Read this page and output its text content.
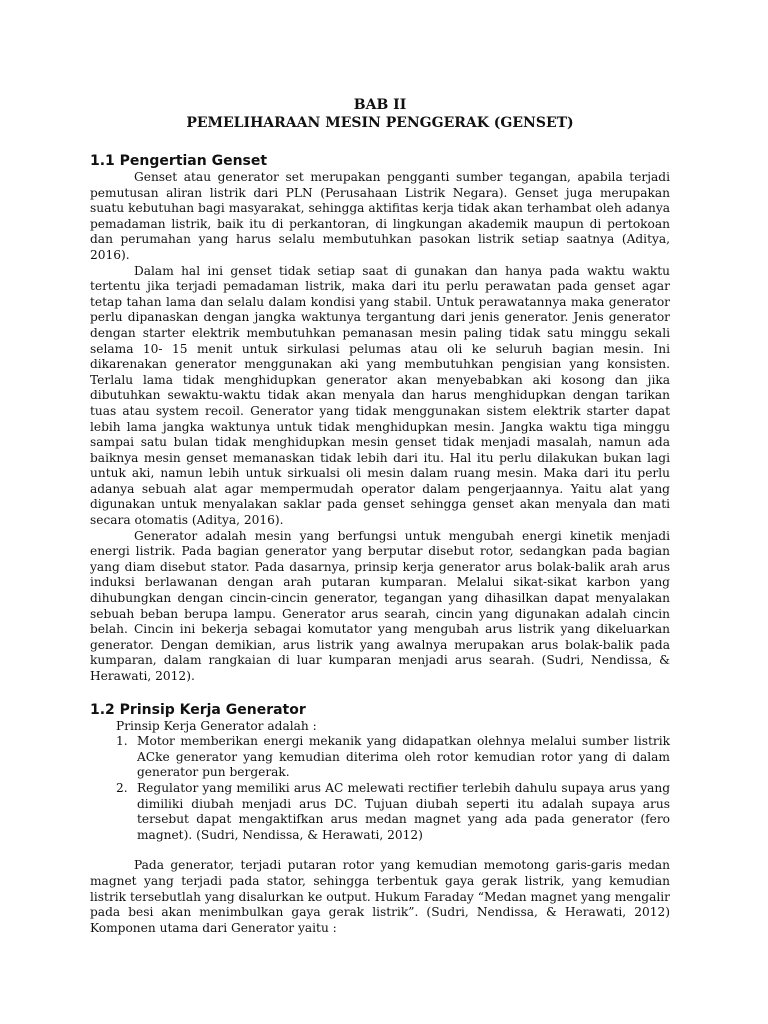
BAB II

PEMELIHARAAN MESIN PENGGERAK (GENSET)

1.1 Pengertian Genset

Genset atau generator set merupakan pengganti sumber tegangan, apabila terjadi pemutusan aliran listrik dari PLN (Perusahaan Listrik Negara). Genset juga merupakan suatu kebutuhan bagi masyarakat, sehingga aktifitas kerja tidak akan terhambat oleh adanya pemadaman listrik, baik itu di perkantoran, di lingkungan akademik maupun di pertokoan dan perumahan yang harus selalu membutuhkan pasokan listrik setiap saatnya (Aditya, 2016).

Dalam hal ini genset tidak setiap saat di gunakan dan hanya pada waktu waktu tertentu jika terjadi pemadaman listrik, maka dari itu perlu perawatan pada genset agar tetap tahan lama dan selalu dalam kondisi yang stabil. Untuk perawatannya maka generator perlu dipanaskan dengan jangka waktunya tergantung dari jenis generator. Jenis generator dengan starter elektrik membutuhkan pemanasan mesin paling tidak satu minggu sekali selama 10- 15 menit untuk sirkulasi pelumas atau oli ke seluruh bagian mesin. Ini dikarenakan generator menggunakan aki yang membutuhkan pengisian yang konsisten. Terlalu lama tidak menghidupkan generator akan menyebabkan aki kosong dan jika dibutuhkan sewaktu-waktu tidak akan menyala dan harus menghidupkan dengan tarikan tuas atau system recoil. Generator yang tidak menggunakan sistem elektrik starter dapat lebih lama jangka waktunya untuk tidak menghidupkan mesin. Jangka waktu tiga minggu sampai satu bulan tidak menghidupkan mesin genset tidak menjadi masalah, namun ada baiknya mesin genset memanaskan tidak lebih dari itu. Hal itu perlu dilakukan bukan lagi untuk aki, namun lebih untuk sirkualsi oli mesin dalam ruang mesin. Maka dari itu perlu adanya sebuah alat agar mempermudah operator dalam pengerjaannya. Yaitu alat yang digunakan untuk menyalakan saklar pada genset sehingga genset akan menyala dan mati secara otomatis (Aditya, 2016).

Generator adalah mesin yang berfungsi untuk mengubah energi kinetik menjadi energi listrik. Pada bagian generator yang berputar disebut rotor, sedangkan pada bagian yang diam disebut stator. Pada dasarnya, prinsip kerja generator arus bolak-balik arah arus induksi berlawanan dengan arah putaran kumparan. Melalui sikat-sikat karbon yang dihubungkan dengan cincin-cincin generator, tegangan yang dihasilkan dapat menyalakan sebuah beban berupa lampu. Generator arus searah, cincin yang digunakan adalah cincin belah. Cincin ini bekerja sebagai komutator yang mengubah arus listrik yang dikeluarkan generator. Dengan demikian, arus listrik yang awalnya merupakan arus bolak-balik pada kumparan, dalam rangkaian di luar kumparan menjadi arus searah. (Sudri, Nendissa, & Herawati, 2012).

1.2 Prinsip Kerja Generator

Prinsip Kerja Generator adalah :

1. Motor memberikan energi mekanik yang didapatkan olehnya melalui sumber listrik ACke generator yang kemudian diterima oleh rotor kemudian rotor yang di dalam generator pun bergerak.

2. Regulator yang memiliki arus AC melewati rectifier terlebih dahulu supaya arus yang dimiliki diubah menjadi arus DC. Tujuan diubah seperti itu adalah supaya arus tersebut dapat mengaktifkan arus medan magnet yang ada pada generator (fero magnet). (Sudri, Nendissa, & Herawati, 2012)

Pada generator, terjadi putaran rotor yang kemudian memotong garis-garis medan magnet yang terjadi pada stator, sehingga terbentuk gaya gerak listrik, yang kemudian listrik tersebutlah yang disalurkan ke output. Hukum Faraday “Medan magnet yang mengalir pada besi akan menimbulkan gaya gerak listrik”. (Sudri, Nendissa, & Herawati, 2012) Komponen utama dari Generator yaitu :
